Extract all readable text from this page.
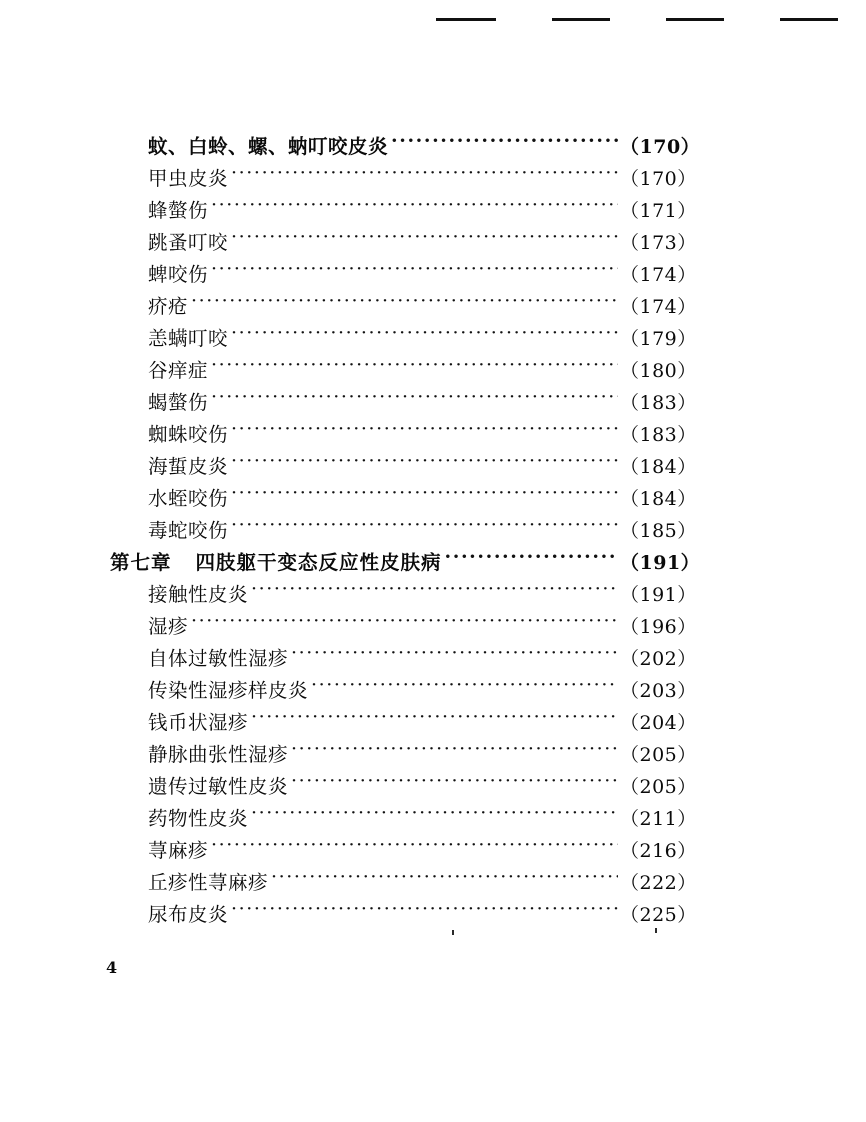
蚊、白蛉、螺、蚋叮咬皮炎 ·····	（170）
甲虫皮炎 ·····	（170）
蜂螫伤 ·····	（171）
跳蚤叮咬 ·····	（173）
蜱咬伤 ·····	（174）
疥疮 ·····	（174）
恙螨叮咬 ·····	（179）
谷痒症 ·····	（180）
蝎螫伤 ·····	（183）
蜘蛛咬伤 ·····	（183）
海蜇皮炎 ·····	（184）
水蛭咬伤 ·····	（184）
毒蛇咬伤 ·····	（185）
第七章 四肢躯干变态反应性皮肤病 ·····	（191）
接触性皮炎 ·····	（191）
湿疹 ·····	（196）
自体过敏性湿疹 ·····	（202）
传染性湿疹样皮炎 ·····	（203）
钱币状湿疹 ·····	（204）
静脉曲张性湿疹 ·····	（205）
遗传过敏性皮炎 ·····	（205）
药物性皮炎 ·····	（211）
荨麻疹 ·····	（216）
丘疹性荨麻疹 ·····	（222）
尿布皮炎 ·····	（225）
4
